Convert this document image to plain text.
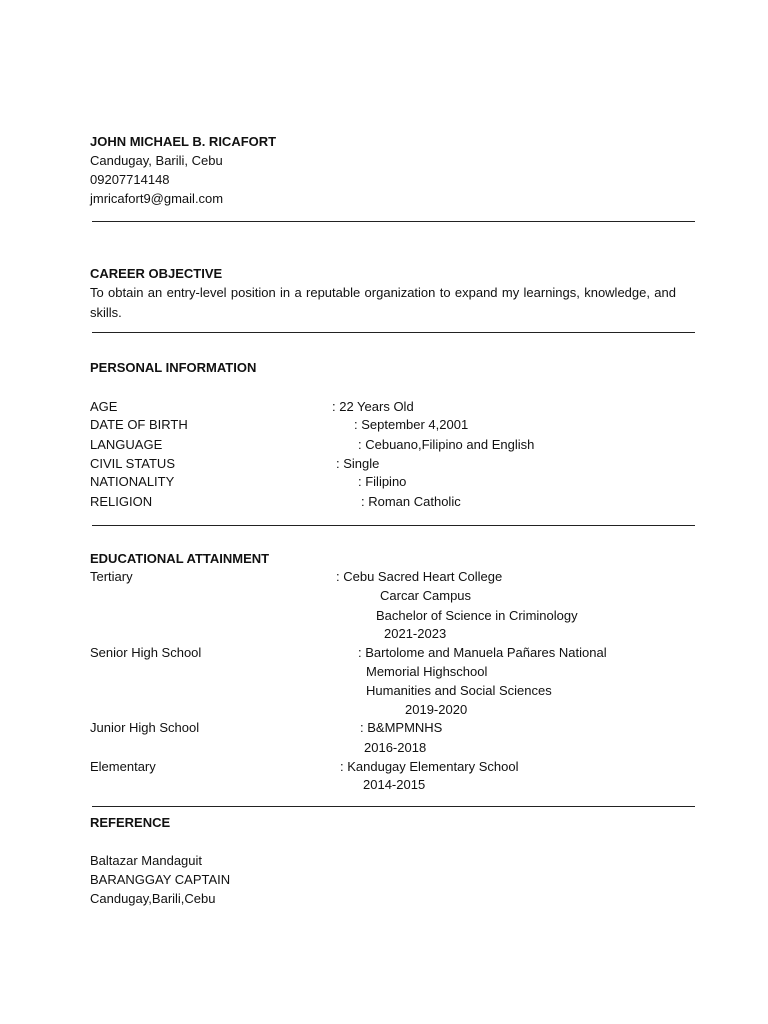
JOHN MICHAEL B. RICAFORT
Candugay, Barili, Cebu
09207714148
jmricafort9@gmail.com
CAREER OBJECTIVE
To obtain an entry-level position in a reputable organization to expand my learnings, knowledge, and skills.
PERSONAL INFORMATION
AGE	: 22 Years Old
DATE OF BIRTH	: September 4,2001
LANGUAGE	: Cebuano,Filipino and English
CIVIL STATUS	: Single
NATIONALITY	: Filipino
RELIGION	: Roman Catholic
EDUCATIONAL ATTAINMENT
Tertiary	: Cebu Sacred Heart College
Carcar Campus
Bachelor of Science in Criminology
2021-2023
Senior High School	: Bartolome and Manuela Pañares National
Memorial Highschool
Humanities and Social Sciences
2019-2020
Junior High School	: B&MPMNHS
2016-2018
Elementary	: Kandugay Elementary School
2014-2015
REFERENCE
Baltazar Mandaguit
BARANGGAY CAPTAIN
Candugay,Barili,Cebu
